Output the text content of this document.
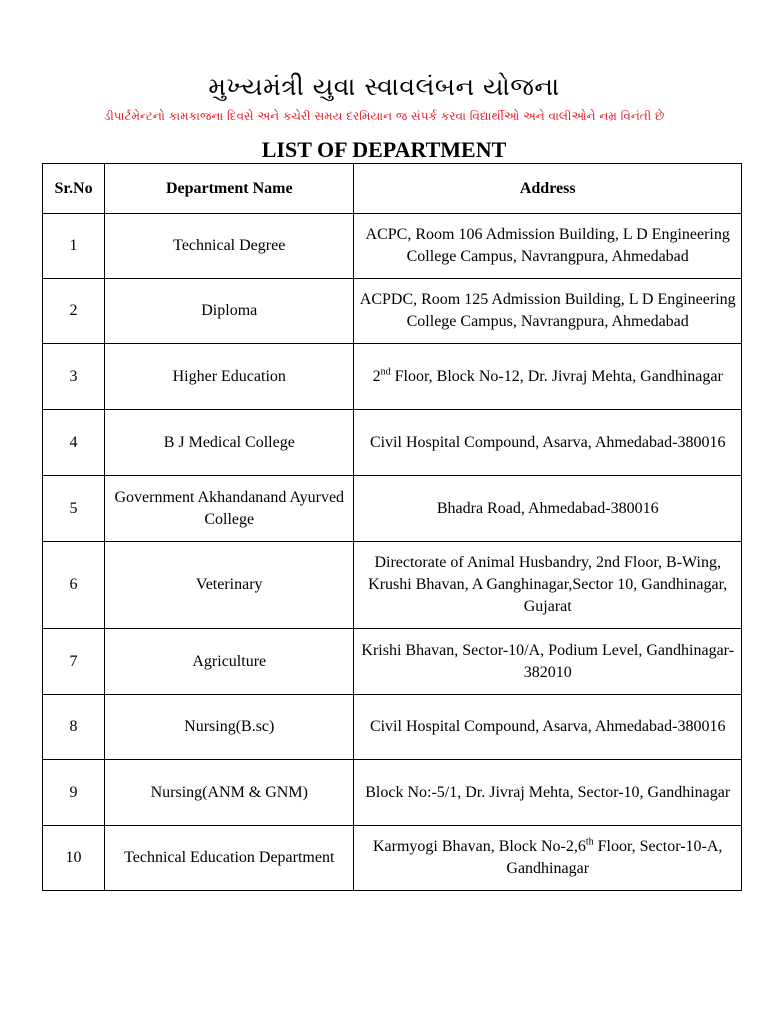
મુખ્યમંત્રી યુવા સ્વાવલંબન યોજના
ડીપાર્ટમેન્ટનો કામકાજના દિવસે અને કચેરી સમય દરમિયાન જ સંપર્ક કરવા વિદ્યાર્થીઓ અને વાલીઓને નમ્ર વિનંતી છે
LIST OF DEPARTMENT
Sr.No	Department Name	Address
1	Technical Degree	ACPC, Room 106 Admission Building, L D Engineering College Campus, Navrangpura, Ahmedabad
2	Diploma	ACPDC, Room 125 Admission Building, L D Engineering College Campus, Navrangpura, Ahmedabad
3	Higher Education	2nd Floor, Block No-12, Dr. Jivraj Mehta, Gandhinagar
4	B J Medical College	Civil Hospital Compound, Asarva, Ahmedabad-380016
5	Government Akhandanand Ayurved College	Bhadra Road, Ahmedabad-380016
6	Veterinary	Directorate of Animal Husbandry, 2nd Floor, B-Wing, Krushi Bhavan, A Ganghinagar,Sector 10, Gandhinagar, Gujarat
7	Agriculture	Krishi Bhavan, Sector-10/A, Podium Level, Gandhinagar-382010
8	Nursing(B.sc)	Civil Hospital Compound, Asarva, Ahmedabad-380016
9	Nursing(ANM & GNM)	Block No:-5/1, Dr. Jivraj Mehta, Sector-10, Gandhinagar
10	Technical Education Department	Karmyogi Bhavan, Block No-2,6th Floor, Sector-10-A, Gandhinagar
